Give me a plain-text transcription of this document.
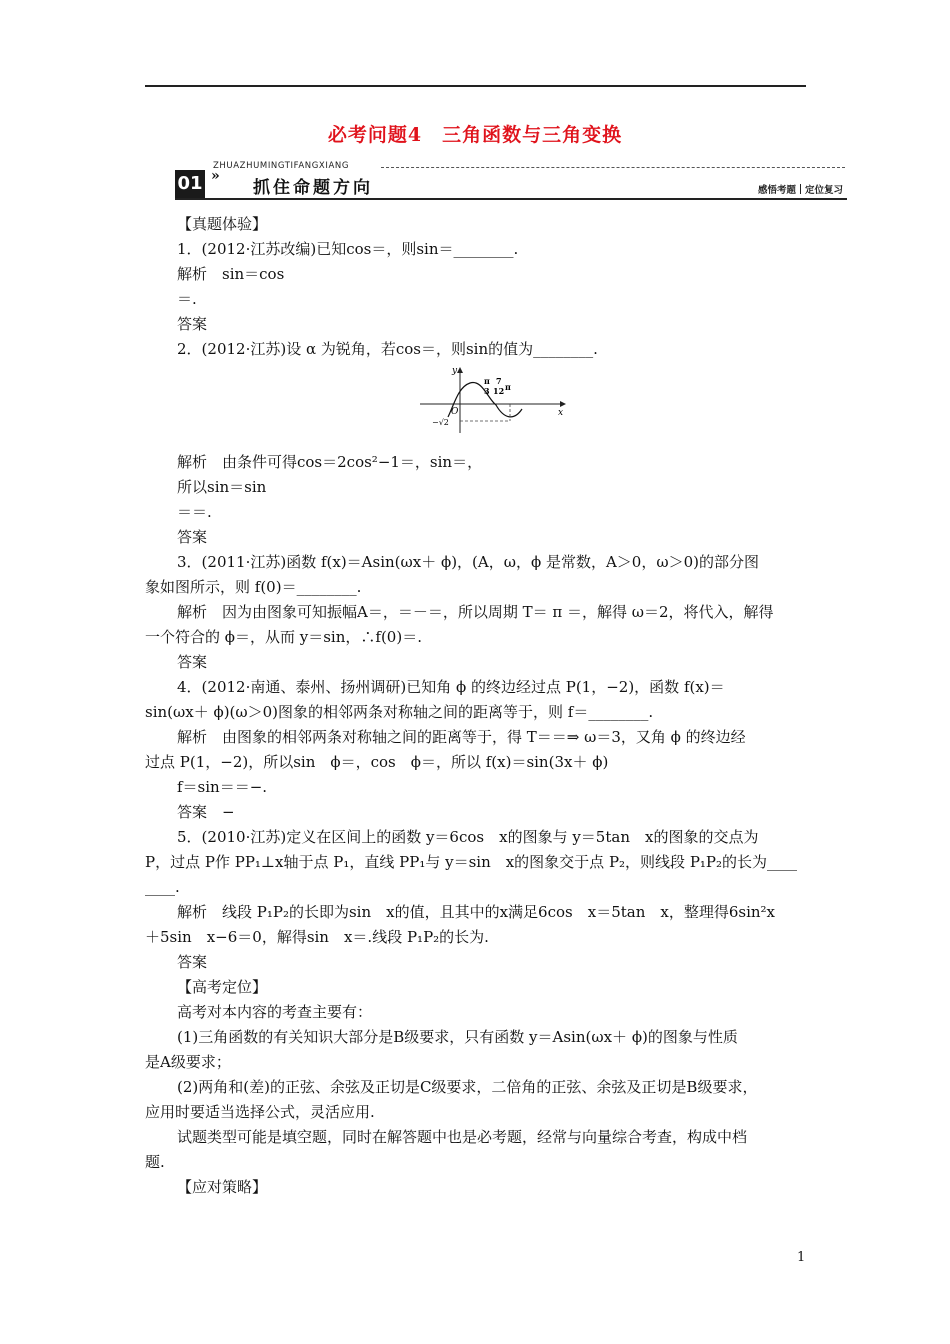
必考问题4　三角函数与三角变换
ZHUAZHUMINGTIFANGXIANG
01 »
抓住命题方向	感悟考题 定位复习
【真题体验】
1．(2012·江苏改编)已知cos＝，则sin＝________.
解析　sin＝cos
＝.
答案
2．(2012·江苏)设 α 为锐角，若cos＝，则sin的值为________.
解析　由条件可得cos＝2cos²−1＝，sin＝，
所以sin＝sin
＝＝.
答案
3．(2011·江苏)函数 f(x)＝Asin(ωx＋ ϕ)，(A，ω，ϕ 是常数，A＞0，ω＞0)的部分图
象如图所示，则 f(0)＝________.
解析　因为由图象可知振幅A＝，＝－＝，所以周期 T＝ π ＝，解得 ω＝2，将代入，解得
一个符合的 ϕ＝，从而 y＝sin，∴f(0)＝.
答案
4．(2012·南通、泰州、扬州调研)已知角 ϕ 的终边经过点 P(1，−2)，函数 f(x)＝
sin(ωx＋ ϕ)(ω＞0)图象的相邻两条对称轴之间的距离等于，则 f＝________.
解析　由图象的相邻两条对称轴之间的距离等于，得 T＝＝⇒ ω＝3，又角 ϕ 的终边经
过点 P(1，−2)，所以sin　ϕ＝，cos　ϕ＝，所以 f(x)＝sin(3x＋ ϕ)
f＝sin＝＝−.
答案　−
5．(2010·江苏)定义在区间上的函数 y＝6cos　x的图象与 y＝5tan　x的图象的交点为
P，过点 P作 PP₁⊥x轴于点 P₁，直线 PP₁与 y＝sin　x的图象交于点 P₂，则线段 P₁P₂的长为____
____.
解析　线段 P₁P₂的长即为sin　x的值，且其中的x满足6cos　x＝5tan　x，整理得6sin²x
＋5sin　x−6＝0，解得sin　x＝.线段 P₁P₂的长为.
答案
【高考定位】
高考对本内容的考查主要有：
(1)三角函数的有关知识大部分是B级要求，只有函数 y＝Asin(ωx＋ ϕ)的图象与性质
是A级要求；
(2)两角和(差)的正弦、余弦及正切是C级要求，二倍角的正弦、余弦及正切是B级要求，
应用时要适当选择公式，灵活应用.
试题类型可能是填空题，同时在解答题中也是必考题，经常与向量综合考查，构成中档
题.
【应对策略】
y
x
O
π
3
7
12 π
−√2
1
